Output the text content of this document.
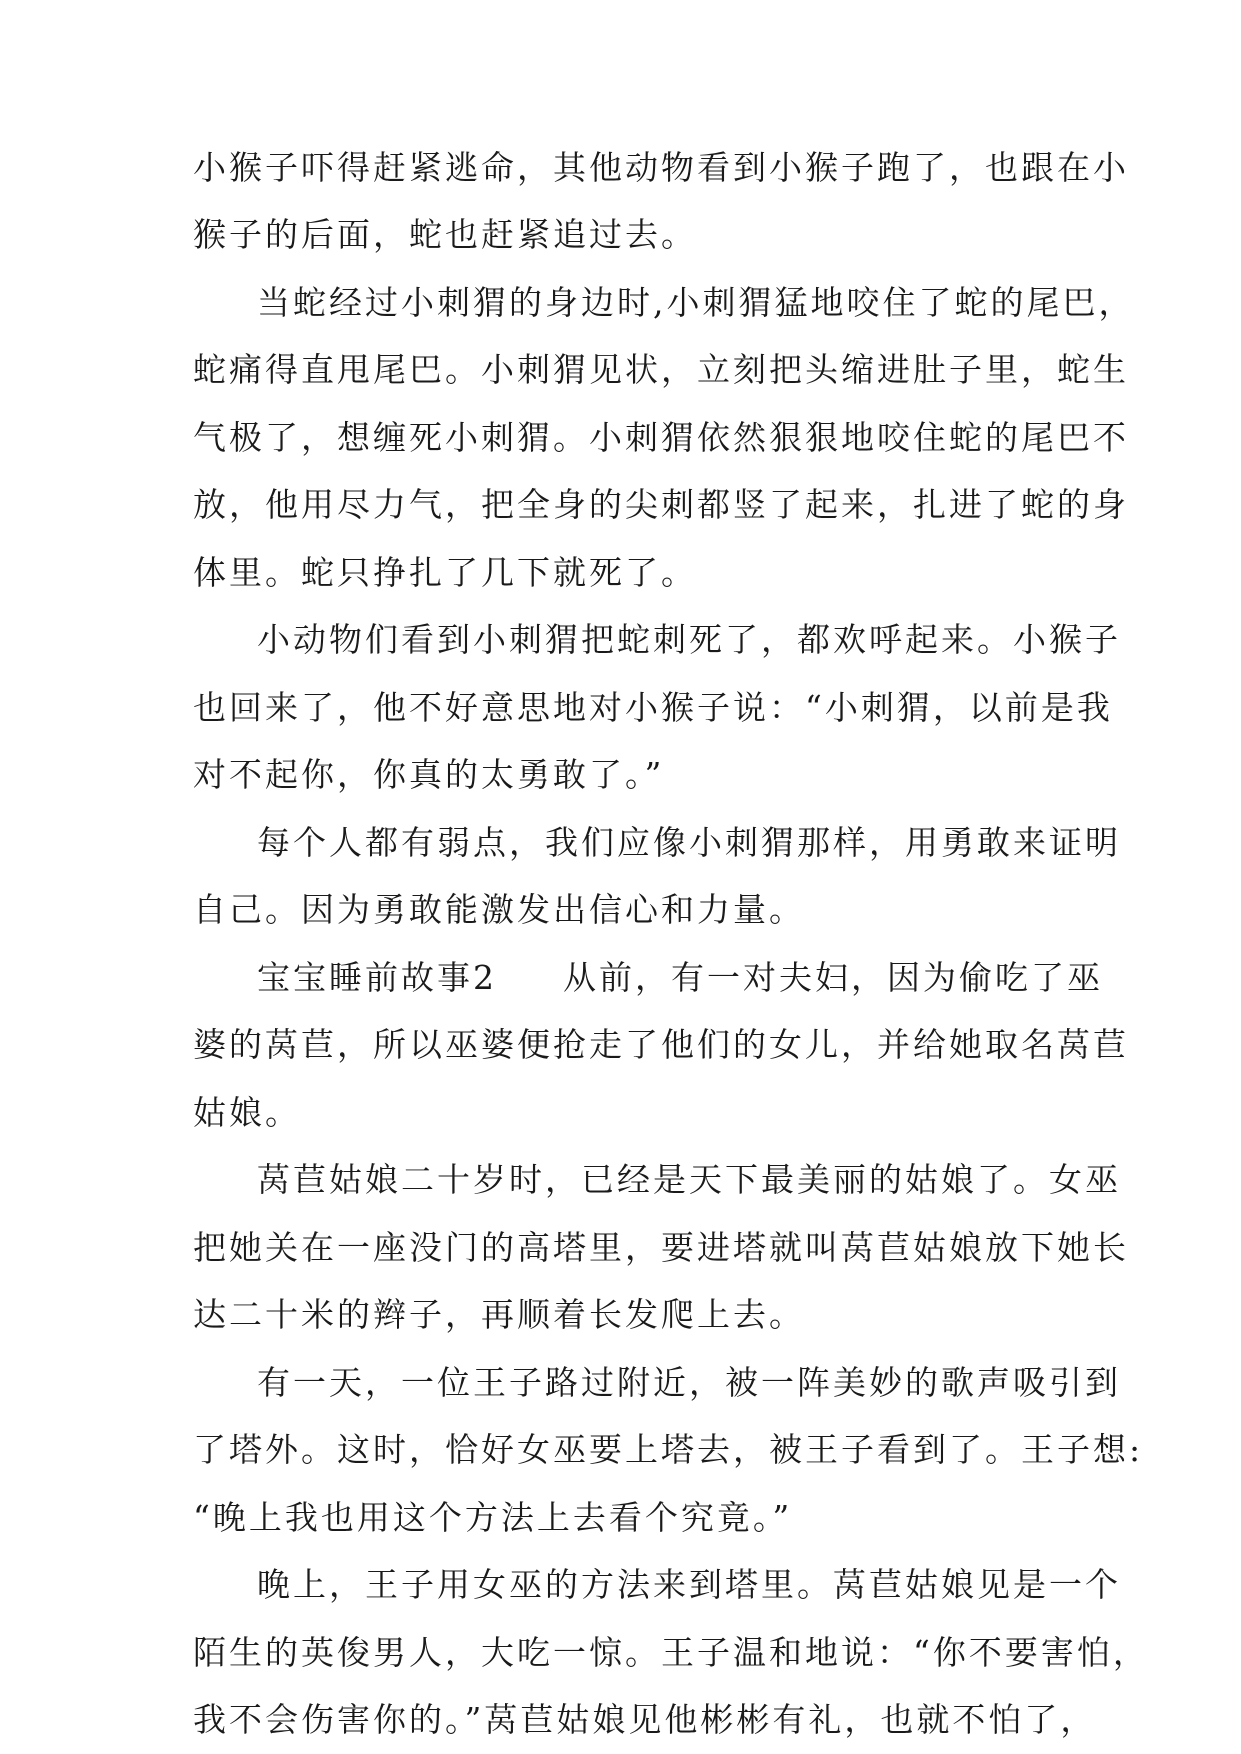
小猴子吓得赶紧逃命，其他动物看到小猴子跑了，也跟在小
猴子的后面，蛇也赶紧追过去。
当蛇经过小刺猬的身边时,小刺猬猛地咬住了蛇的尾巴，
蛇痛得直甩尾巴。小刺猬见状，立刻把头缩进肚子里，蛇生
气极了，想缠死小刺猬。小刺猬依然狠狠地咬住蛇的尾巴不
放，他用尽力气，把全身的尖刺都竖了起来，扎进了蛇的身
体里。蛇只挣扎了几下就死了。
小动物们看到小刺猬把蛇刺死了，都欢呼起来。小猴子
也回来了，他不好意思地对小猴子说：“小刺猬，以前是我
对不起你，你真的太勇敢了。”
每个人都有弱点，我们应像小刺猬那样，用勇敢来证明
自己。因为勇敢能激发出信心和力量。
宝宝睡前故事2 从前，有一对夫妇，因为偷吃了巫
婆的莴苣，所以巫婆便抢走了他们的女儿，并给她取名莴苣
姑娘。
莴苣姑娘二十岁时，已经是天下最美丽的姑娘了。女巫
把她关在一座没门的高塔里，要进塔就叫莴苣姑娘放下她长
达二十米的辫子，再顺着长发爬上去。
有一天，一位王子路过附近，被一阵美妙的歌声吸引到
了塔外。这时，恰好女巫要上塔去，被王子看到了。王子想:
“晚上我也用这个方法上去看个究竟。”
晚上，王子用女巫的方法来到塔里。莴苣姑娘见是一个
陌生的英俊男人，大吃一惊。王子温和地说：“你不要害怕，
我不会伤害你的。”莴苣姑娘见他彬彬有礼，也就不怕了，
